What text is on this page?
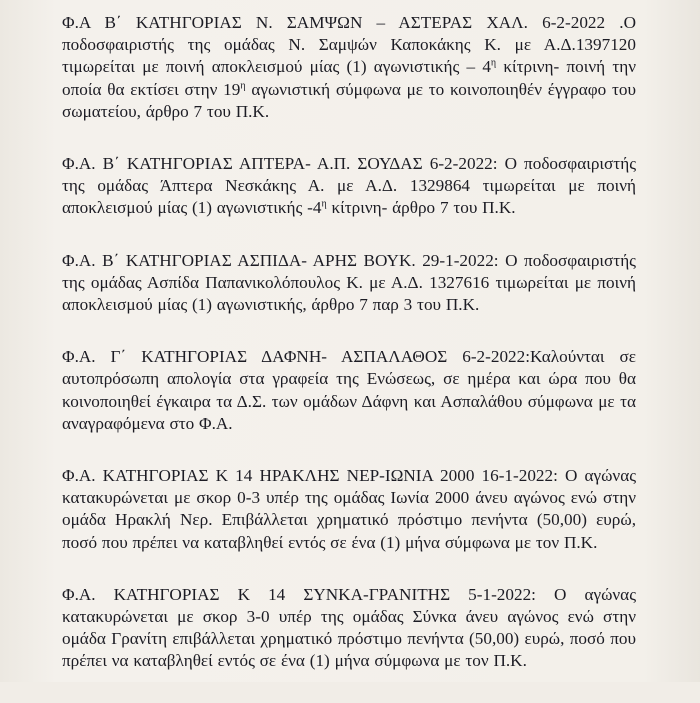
Φ.Α Β΄ ΚΑΤΗΓΟΡΙΑΣ Ν. ΣΑΜΨΩΝ – ΑΣΤΕΡΑΣ ΧΑΛ. 6-2-2022 .Ο ποδοσφαιριστής της ομάδας Ν. Σαμψών Καποκάκης Κ. με Α.Δ.1397120 τιμωρείται με ποινή αποκλεισμού μίας (1) αγωνιστικής – $4^\eta$ κίτρινη- ποινή την οποία θα εκτίσει στην $19^\eta$ αγωνιστική σύμφωνα με το κοινοποιηθέν έγγραφο του σωματείου, άρθρο 7 του Π.Κ.

Φ.Α. Β΄ ΚΑΤΗΓΟΡΙΑΣ ΑΠΤΕΡΑ- Α.Π. ΣΟΥΔΑΣ 6-2-2022: Ο ποδοσφαιριστής της ομάδας Άπτερα Νεσκάκης Α. με Α.Δ. 1329864 τιμωρείται με ποινή αποκλεισμού μίας (1) αγωνιστικής $-4^\eta$ κίτρινη- άρθρο 7 του Π.Κ.

Φ.Α. Β΄ ΚΑΤΗΓΟΡΙΑΣ ΑΣΠΙΔΑ- ΑΡΗΣ ΒΟΥΚ. 29-1-2022: Ο ποδοσφαιριστής της ομάδας Ασπίδα Παπανικολόπουλος Κ. με Α.Δ. 1327616 τιμωρείται με ποινή αποκλεισμού μίας (1) αγωνιστικής, άρθρο 7 παρ 3 του Π.Κ.

Φ.Α. Γ΄ ΚΑΤΗΓΟΡΙΑΣ ΔΑΦΝΗ- ΑΣΠΑΛΑΘΟΣ 6-2-2022:Καλούνται σε αυτοπρόσωπη απολογία στα γραφεία της Ενώσεως, σε ημέρα και ώρα που θα κοινοποιηθεί έγκαιρα τα Δ.Σ. των ομάδων Δάφνη και Ασπαλάθου σύμφωνα με τα αναγραφόμενα στο Φ.Α.

Φ.Α. ΚΑΤΗΓΟΡΙΑΣ Κ 14 ΗΡΑΚΛΗΣ ΝΕΡ-ΙΩΝΙΑ 2000 16-1-2022: Ο αγώνας κατακυρώνεται με σκορ 0-3 υπέρ της ομάδας Ιωνία 2000 άνευ αγώνος ενώ στην ομάδα Ηρακλή Νερ. Επιβάλλεται χρηματικό πρόστιμο πενήντα (50,00) ευρώ, ποσό που πρέπει να καταβληθεί εντός σε ένα (1) μήνα σύμφωνα με τον Π.Κ.

Φ.Α. ΚΑΤΗΓΟΡΙΑΣ Κ 14 ΣΥΝΚΑ-ΓΡΑΝΙΤΗΣ 5-1-2022: Ο αγώνας κατακυρώνεται με σκορ 3-0 υπέρ της ομάδας Σύνκα άνευ αγώνος ενώ στην ομάδα Γρανίτη επιβάλλεται χρηματικό πρόστιμο πενήντα (50,00) ευρώ, ποσό που πρέπει να καταβληθεί εντός σε ένα (1) μήνα σύμφωνα με τον Π.Κ.
